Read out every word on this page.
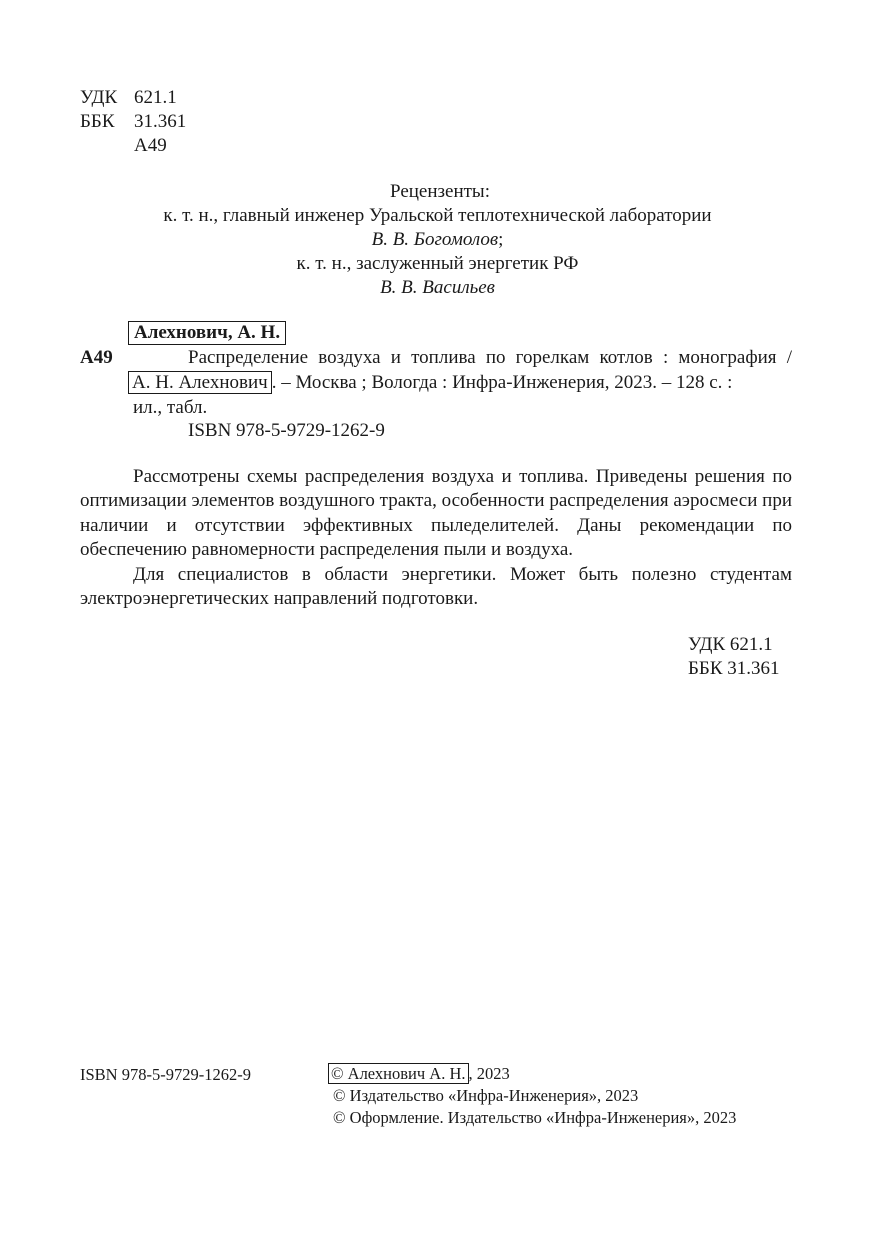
УДК 621.1
ББК 31.361
А49
Рецензенты:
к. т. н., главный инженер Уральской теплотехнической лаборатории
В. В. Богомолов;
к. т. н., заслуженный энергетик РФ
В. В. Васильев
Алехнович, А. Н.
А49	Распределение воздуха и топлива по горелкам котлов : монография /
А. Н. Алехнович . – Москва ; Вологда : Инфра-Инженерия, 2023. – 128 с. :
ил., табл.
ISBN 978-5-9729-1262-9
Рассмотрены схемы распределения воздуха и топлива. Приведены решения по оптимизации элементов воздушного тракта, особенности распределения аэросмеси при наличии и отсутствии эффективных пыледелителей. Даны рекомендации по обеспечению равномерности распределения пыли и воздуха.
Для специалистов в области энергетики. Может быть полезно студентам электроэнергетических направлений подготовки.
УДК 621.1
ББК 31.361
ISBN 978-5-9729-1262-9	© Алехнович А. Н. , 2023
© Издательство «Инфра-Инженерия», 2023
© Оформление. Издательство «Инфра-Инженерия», 2023
